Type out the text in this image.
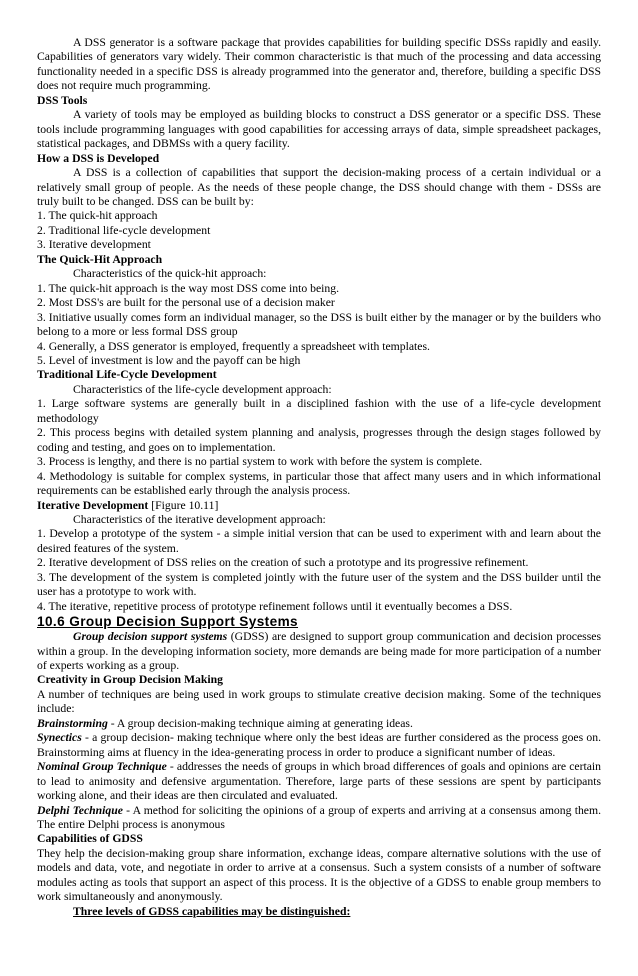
A DSS generator is a software package that provides capabilities for building specific DSSs rapidly and easily. Capabilities of generators vary widely. Their common characteristic is that much of the processing and data accessing functionality needed in a specific DSS is already programmed into the generator and, therefore, building a specific DSS does not require much programming.

DSS Tools

A variety of tools may be employed as building blocks to construct a DSS generator or a specific DSS. These tools include programming languages with good capabilities for accessing arrays of data, simple spreadsheet packages, statistical packages, and DBMSs with a query facility.

How a DSS is Developed

A DSS is a collection of capabilities that support the decision-making process of a certain individual or a relatively small group of people. As the needs of these people change, the DSS should change with them - DSSs are truly built to be changed. DSS can be built by:

1. The quick-hit approach

2. Traditional life-cycle development

3. Iterative development

The Quick-Hit Approach

Characteristics of the quick-hit approach:

1. The quick-hit approach is the way most DSS come into being.

2. Most DSS's are built for the personal use of a decision maker

3. Initiative usually comes form an individual manager, so the DSS is built either by the manager or by the builders who belong to a more or less formal DSS group

4. Generally, a DSS generator is employed, frequently a spreadsheet with templates.

5. Level of investment is low and the payoff can be high

Traditional Life-Cycle Development

Characteristics of the life-cycle development approach:

1. Large software systems are generally built in a disciplined fashion with the use of a life-cycle development methodology

2. This process begins with detailed system planning and analysis, progresses through the design stages followed by coding and testing, and goes on to implementation.

3. Process is lengthy, and there is no partial system to work with before the system is complete.

4. Methodology is suitable for complex systems, in particular those that affect many users and in which informational requirements can be established early through the analysis process.

Iterative Development [Figure 10.11]

Characteristics of the iterative development approach:

1. Develop a prototype of the system - a simple initial version that can be used to experiment with and learn about the desired features of the system.

2. Iterative development of DSS relies on the creation of such a prototype and its progressive refinement.

3. The development of the system is completed jointly with the future user of the system and the DSS builder until the user has a prototype to work with.

4. The iterative, repetitive process of prototype refinement follows until it eventually becomes a DSS.

10.6 Group Decision Support Systems

Group decision support systems (GDSS) are designed to support group communication and decision processes within a group. In the developing information society, more demands are being made for more participation of a number of experts working as a group.

Creativity in Group Decision Making

A number of techniques are being used in work groups to stimulate creative decision making. Some of the techniques include:

Brainstorming - A group decision-making technique aiming at generating ideas.

Synectics - a group decision- making technique where only the best ideas are further considered as the process goes on. Brainstorming aims at fluency in the idea-generating process in order to produce a significant number of ideas.

Nominal Group Technique - addresses the needs of groups in which broad differences of goals and opinions are certain to lead to animosity and defensive argumentation. Therefore, large parts of these sessions are spent by participants working alone, and their ideas are then circulated and evaluated.

Delphi Technique - A method for soliciting the opinions of a group of experts and arriving at a consensus among them. The entire Delphi process is anonymous

Capabilities of GDSS

They help the decision-making group share information, exchange ideas, compare alternative solutions with the use of models and data, vote, and negotiate in order to arrive at a consensus. Such a system consists of a number of software modules acting as tools that support an aspect of this process. It is the objective of a GDSS to enable group members to work simultaneously and anonymously.

Three levels of GDSS capabilities may be distinguished:
